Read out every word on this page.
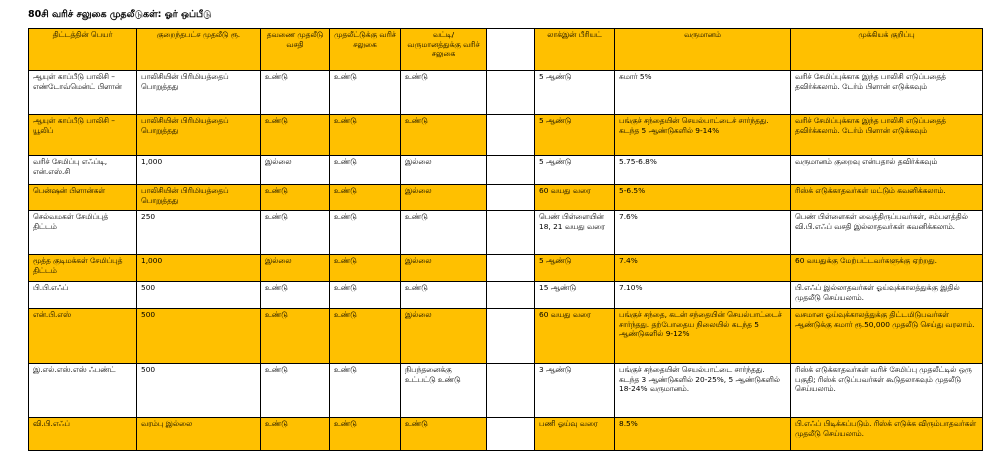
80சி வரிச் சலுகை முதலீடுகள்: ஓர் ஒப்பீடு
திட்டத்தின் பெயர்	குறைந்தபட்ச முதலீடு ரூ.	தவணை முதலீடு வசதி	முதலீட்டுக்கு வரிச் சலுகை	வட்டி/ வருமானத்துக்கு வரிச் சலுகை		லாக்இன் பீரியட்	வருமானம்	முக்கியக் குறிப்பு
ஆயுள் காப்பீடு பாலிசி – எண்டோவ்மென்ட் பிளான்	பாலிசியின் பிரிமியத்தைப் பொறுத்தது	உண்டு	உண்டு	உண்டு		5 ஆண்டு	சுமார் 5%	வரிச் சேமிப்புக்காக இந்த பாலிசி எடுப்பதைத் தவிர்க்கலாம். டேர்ம் பிளான் எடுக்கவும்
ஆயுள் காப்பீடு பாலிசி – யூலிப்	பாலிசியின் பிரிமியத்தைப் பொறுத்தது	உண்டு	உண்டு	உண்டு		5 ஆண்டு	பங்குச் சந்தையின் செயல்பாட்டைச் சார்ந்தது. கடந்த 5 ஆண்டுகளில் 9-14%	வரிச் சேமிப்புக்காக இந்த பாலிசி எடுப்பதைத் தவிர்க்கலாம். டேர்ம் பிளான் எடுக்கவும்
வரிச் சேமிப்பு எஃப்டி, என்.எஸ்.சி	1,000	இல்லை	உண்டு	இல்லை		5 ஆண்டு	5.75-6.8%	வருமானம் குறைவு என்பதால் தவிர்க்கவும்
பென்ஷன் பிளான்கள்	பாலிசியின் பிரிமியத்தைப் பொறுத்தது	உண்டு	உண்டு	இல்லை		60 வயது வரை	5-6.5%	ரிஸ்க் எடுக்காதவர்கள் மட்டும் கவனிக்கலாம்.
செல்வமகள் சேமிப்புத் திட்டம்	250	உண்டு	உண்டு	உண்டு		பெண் பிள்ளையின் 18, 21 வயது வரை	7.6%	பெண் பிள்ளைகள் வைத்திருப்பவர்கள், சம்பளத்தில் வி.பி.எஃப் வசதி இல்லாதவர்கள் கவனிக்கலாம்.
மூத்த குடிமக்கள் சேமிப்புத் திட்டம்	1,000	இல்லை	உண்டு	இல்லை		5 ஆண்டு	7.4%	60 வயதுக்கு மேற்பட்டவர்களுக்கு ஏற்றது.
பி.பி.எஃப்	500	உண்டு	உண்டு	உண்டு		15 ஆண்டு	7.10%	பி.எஃப் இல்லாதவர்கள் ஓய்வுக்காலத்துக்கு இதில் முதலீடு செய்யலாம்.
என்.பி.எஸ்	500	உண்டு	உண்டு	இல்லை		60 வயது வரை	பங்குச் சந்தை, கடன் சந்தையின் செயல்பாட்டைச் சார்ந்தது. தற்போதைய நிலையில் கடந்த 5 ஆண்டுகளில் 9-12%	வசமான ஓய்வுக்காலத்துக்கு திட்டமிடுபவர்கள் ஆண்டுக்கு சுமார் ரூ.50,000 முதலீடு செய்து வரலாம்.
இ.எல்.எஸ்.எஸ் ஃபண்ட்	500	உண்டு	உண்டு	நிபந்தனைக்கு உட்பட்டு உண்டு		3 ஆண்டு	பங்குச் சந்தையின் செயல்பாட்டை சார்ந்தது. கடந்த 3 ஆண்டுகளில் 20-25%, 5 ஆண்டுகளில் 18-24% வருமானம்.	ரிஸ்க் எடுக்காதவர்கள் வரிச் சேமிப்பு முதலீட்டில் ஒரு பகுதி; ரிஸ்க் எடுப்பவர்கள் கூடுதலாகவும் முதலீடு செய்யலாம்.
வி.பி.எஃப்	வரம்பு இல்லை	உண்டு	உண்டு	உண்டு		பணி ஓய்வு வரை	8.5%	பி.எஃப் பிடிக்கப்படும். ரிஸ்க் எடுக்க விரும்பாதவர்கள் முதலீடு செய்யலாம்.
